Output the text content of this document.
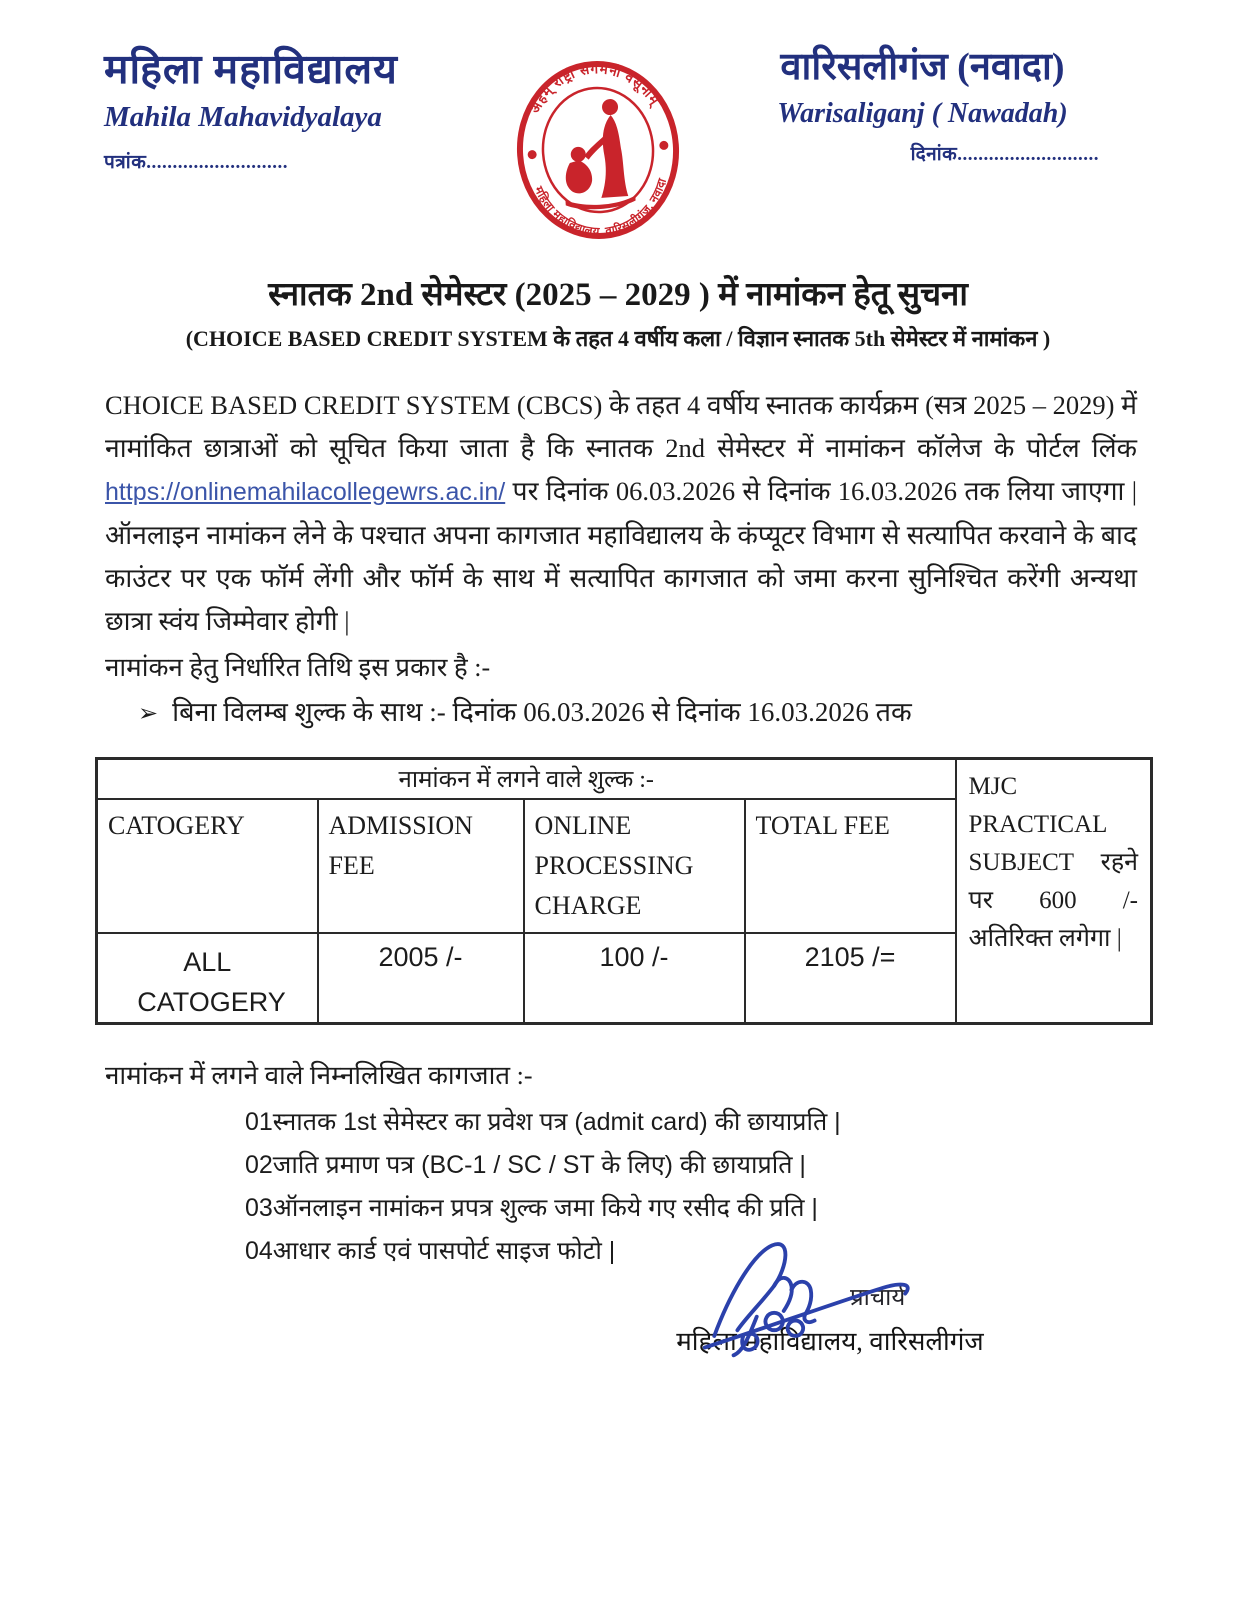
महिला महाविद्यालय
Mahila Mahavidyalaya
पत्रांक...........................
अहम् राष्ट्री संगमनी वसूनाम्
महिला महाविद्यालय, वारिसलीगंज, नवादा
वारिसलीगंज (नवादा)
Warisaliganj ( Nawadah)
दिनांक...........................
स्नातक 2nd सेमेस्टर (2025 – 2029 ) में नामांकन हेतू सुचना
(CHOICE BASED CREDIT SYSTEM के तहत 4 वर्षीय कला / विज्ञान स्नातक 5th सेमेस्टर में नामांकन )
CHOICE BASED CREDIT SYSTEM (CBCS) के तहत 4 वर्षीय स्नातक कार्यक्रम (सत्र 2025 – 2029) में नामांकित छात्राओं को सूचित किया जाता है कि स्नातक 2nd सेमेस्टर में नामांकन कॉलेज के पोर्टल लिंक https://onlinemahilacollegewrs.ac.in/ पर दिनांक 06.03.2026 से दिनांक 16.03.2026 तक लिया जाएगा | ऑनलाइन नामांकन लेने के पश्चात अपना कागजात महाविद्यालय के कंप्यूटर विभाग से सत्यापित करवाने के बाद काउंटर पर एक फॉर्म लेंगी और फॉर्म के साथ में सत्यापित कागजात को जमा करना सुनिश्चित करेंगी अन्यथा छात्रा स्वंय जिम्मेवार होगी |
नामांकन हेतु निर्धारित तिथि इस प्रकार है :-
➢ बिना विलम्ब शुल्क के साथ :- दिनांक 06.03.2026 से दिनांक 16.03.2026 तक
नामांकन में लगने वाले शुल्क :-				MJC PRACTICAL SUBJECT रहने पर 600 /- अतिरिक्त लगेगा |
CATOGERY	ADMISSION FEE	ONLINE PROCESSING CHARGE	TOTAL FEE	

ALL CATOGERY	2005 /-	100 /-	2105 /=	
नामांकन में लगने वाले निम्नलिखित कागजात :-
01स्नातक 1st सेमेस्टर का प्रवेश पत्र (admit card) की छायाप्रति |
02जाति प्रमाण पत्र (BC-1 / SC / ST के लिए) की छायाप्रति |
03ऑनलाइन नामांकन प्रपत्र शुल्क जमा किये गए रसीद की प्रति |
04आधार कार्ड एवं पासपोर्ट साइज फोटो |
प्राचार्य
महिला महाविद्यालय, वारिसलीगंज
